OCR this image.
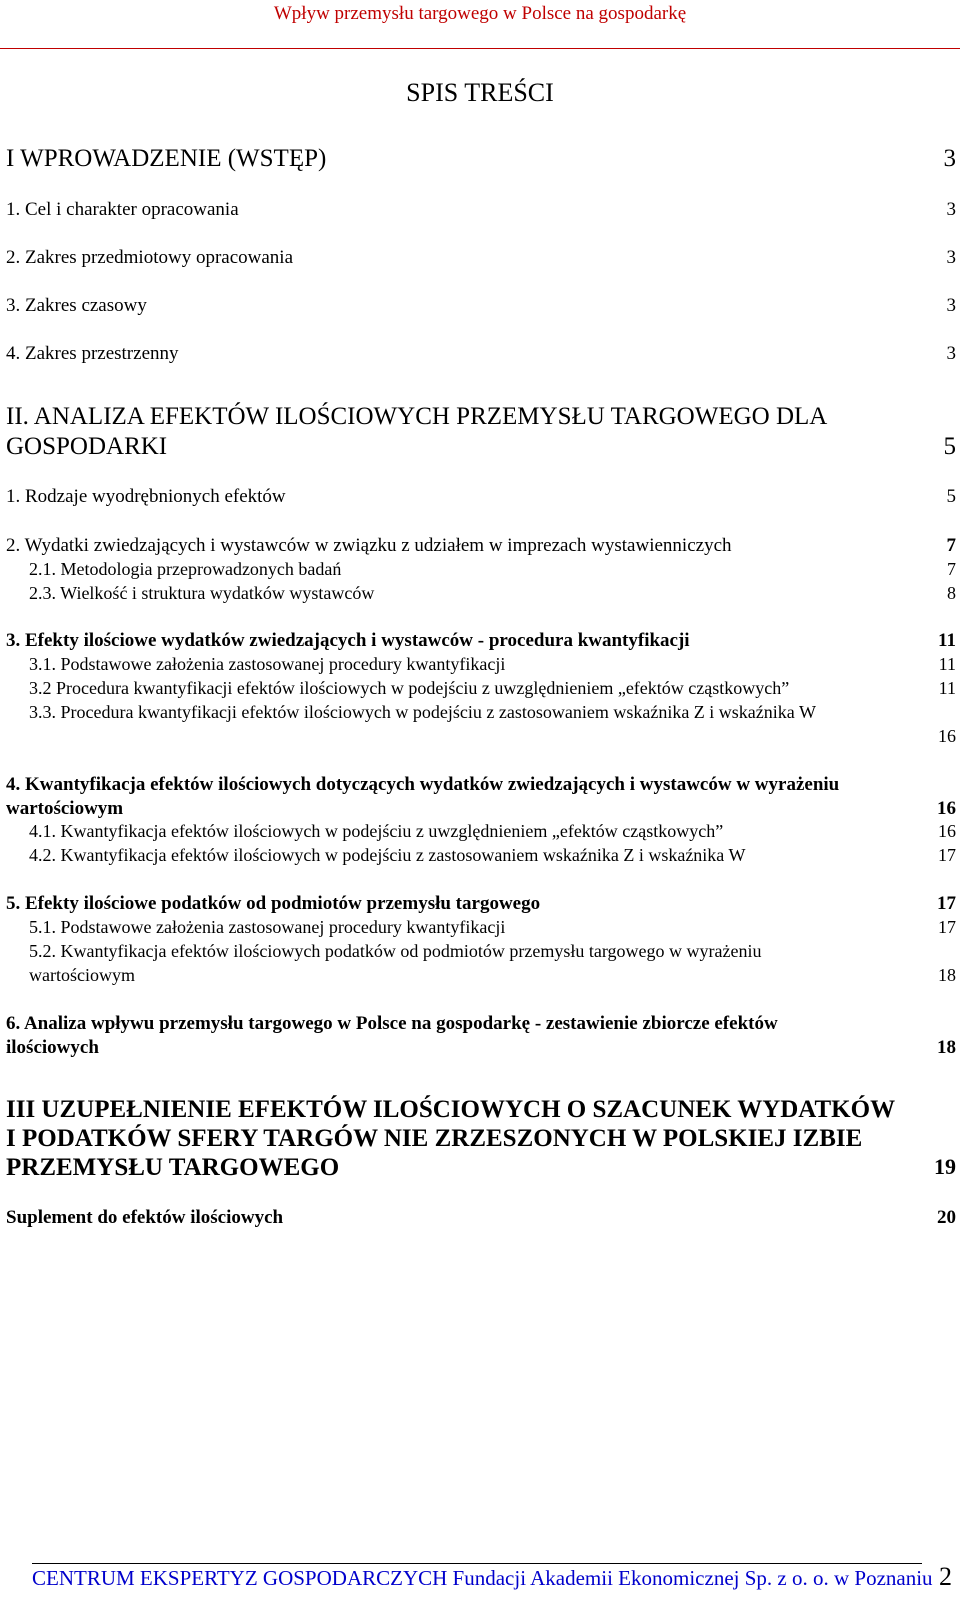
Wpływ przemysłu targowego w Polsce na gospodarkę
SPIS TREŚCI
I WPROWADZENIE (WSTĘP)	3
1. Cel i charakter opracowania	3
2. Zakres przedmiotowy opracowania	3
3. Zakres czasowy	3
4. Zakres przestrzenny	3
II. ANALIZA EFEKTÓW ILOŚCIOWYCH PRZEMYSŁU TARGOWEGO DLA
GOSPODARKI	5
1. Rodzaje wyodrębnionych efektów	5
2. Wydatki zwiedzających i wystawców w związku z udziałem w imprezach wystawienniczych	7
2.1. Metodologia przeprowadzonych badań	7
2.3. Wielkość i struktura wydatków wystawców	8
3. Efekty ilościowe wydatków zwiedzających i wystawców - procedura kwantyfikacji	11
3.1. Podstawowe założenia zastosowanej procedury kwantyfikacji	11
3.2 Procedura kwantyfikacji efektów ilościowych w podejściu z uwzględnieniem „efektów cząstkowych”	11
3.3. Procedura kwantyfikacji efektów ilościowych w podejściu z zastosowaniem wskaźnika Z i wskaźnika W
16
4. Kwantyfikacja efektów ilościowych dotyczących wydatków zwiedzających i wystawców w wyrażeniu
wartościowym	16
4.1. Kwantyfikacja efektów ilościowych w podejściu z uwzględnieniem „efektów cząstkowych”	16
4.2. Kwantyfikacja efektów ilościowych w podejściu z zastosowaniem wskaźnika Z i wskaźnika W	17
5. Efekty ilościowe podatków od podmiotów przemysłu targowego	17
5.1. Podstawowe założenia zastosowanej procedury kwantyfikacji	17
5.2. Kwantyfikacja efektów ilościowych podatków od podmiotów przemysłu targowego w wyrażeniu
wartościowym	18
6. Analiza wpływu przemysłu targowego w Polsce na gospodarkę - zestawienie zbiorcze efektów
ilościowych	18
III UZUPEŁNIENIE EFEKTÓW ILOŚCIOWYCH O SZACUNEK WYDATKÓW
I PODATKÓW SFERY TARGÓW NIE ZRZESZONYCH W POLSKIEJ IZBIE
PRZEMYSŁU TARGOWEGO	19
Suplement do efektów ilościowych	20
CENTRUM EKSPERTYZ GOSPODARCZYCH Fundacji Akademii Ekonomicznej Sp. z o. o. w Poznaniu 2
